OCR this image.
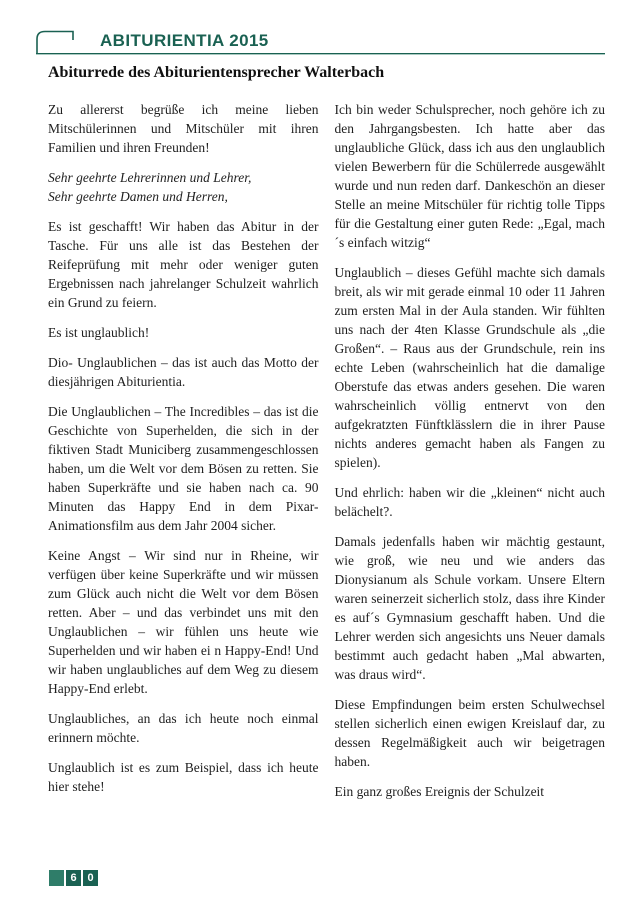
ABITURIENTIA 2015
Abiturrede des Abiturientensprecher Walterbach

Zu allererst begrüße ich meine lieben Mitschülerinnen und Mitschüler mit ihren Familien und ihren Freunden!

Sehr geehrte Lehrerinnen und Lehrer,
Sehr geehrte Damen und Herren,

Es ist geschafft! Wir haben das Abitur in der Tasche. Für uns alle ist das Bestehen der Reifeprüfung mit mehr oder weniger guten Ergebnissen nach jahrelanger Schulzeit wahrlich ein Grund zu feiern.

Es ist unglaublich!

Dio- Unglaublichen – das ist auch das Motto der diesjährigen Abiturientia.

Die Unglaublichen – The Incredibles – das ist die Geschichte von Superhelden, die sich in der fiktiven Stadt Municiberg zusammengeschlossen haben, um die Welt vor dem Bösen zu retten. Sie haben Superkräfte und sie haben nach ca. 90 Minuten das Happy End in dem Pixar- Animationsfilm aus dem Jahr 2004 sicher.

Keine Angst – Wir sind nur in Rheine, wir verfügen über keine Superkräfte und wir müssen zum Glück auch nicht die Welt vor dem Bösen retten. Aber – und das verbindet uns mit den Unglaublichen – wir fühlen uns heute wie Superhelden und wir haben ei n Happy-End! Und wir haben unglaubliches auf dem Weg zu diesem Happy-End erlebt.

Unglaubliches, an das ich heute noch einmal erinnern möchte.

Unglaublich ist es zum Beispiel, dass ich heute hier stehe!

Ich bin weder Schulsprecher, noch gehöre ich zu den Jahrgangsbesten. Ich hatte aber das unglaubliche Glück, dass ich aus den unglaublich vielen Bewerbern für die Schülerrede ausgewählt wurde und nun reden darf. Dankeschön an dieser Stelle an meine Mitschüler für richtig tolle Tipps für die Gestaltung einer guten Rede: „Egal, mach´s einfach witzig“

Unglaublich – dieses Gefühl machte sich damals breit, als wir mit gerade einmal 10 oder 11 Jahren zum ersten Mal in der Aula standen. Wir fühlten uns nach der 4ten Klasse Grundschule als „die Großen“. – Raus aus der Grundschule, rein ins echte Leben (wahrscheinlich hat die damalige Oberstufe das etwas anders gesehen. Die waren wahrscheinlich völlig entnervt von den aufgekratzten Fünftklässlern die in ihrer Pause nichts anderes gemacht haben als Fangen zu spielen).

Und ehrlich: haben wir die „kleinen“ nicht auch belächelt?.

Damals jedenfalls haben wir mächtig gestaunt, wie groß, wie neu und wie anders das Dionysianum als Schule vorkam. Unsere Eltern waren seinerzeit sicherlich stolz, dass ihre Kinder es auf´s Gymnasium geschafft haben. Und die Lehrer werden sich angesichts uns Neuer damals bestimmt auch gedacht haben „Mal abwarten, was draus wird“.

Diese Empfindungen beim ersten Schulwechsel stellen sicherlich einen ewigen Kreislauf dar, zu dessen Regelmäßigkeit auch wir beigetragen haben.

Ein ganz großes Ereignis der Schulzeit

6 0
